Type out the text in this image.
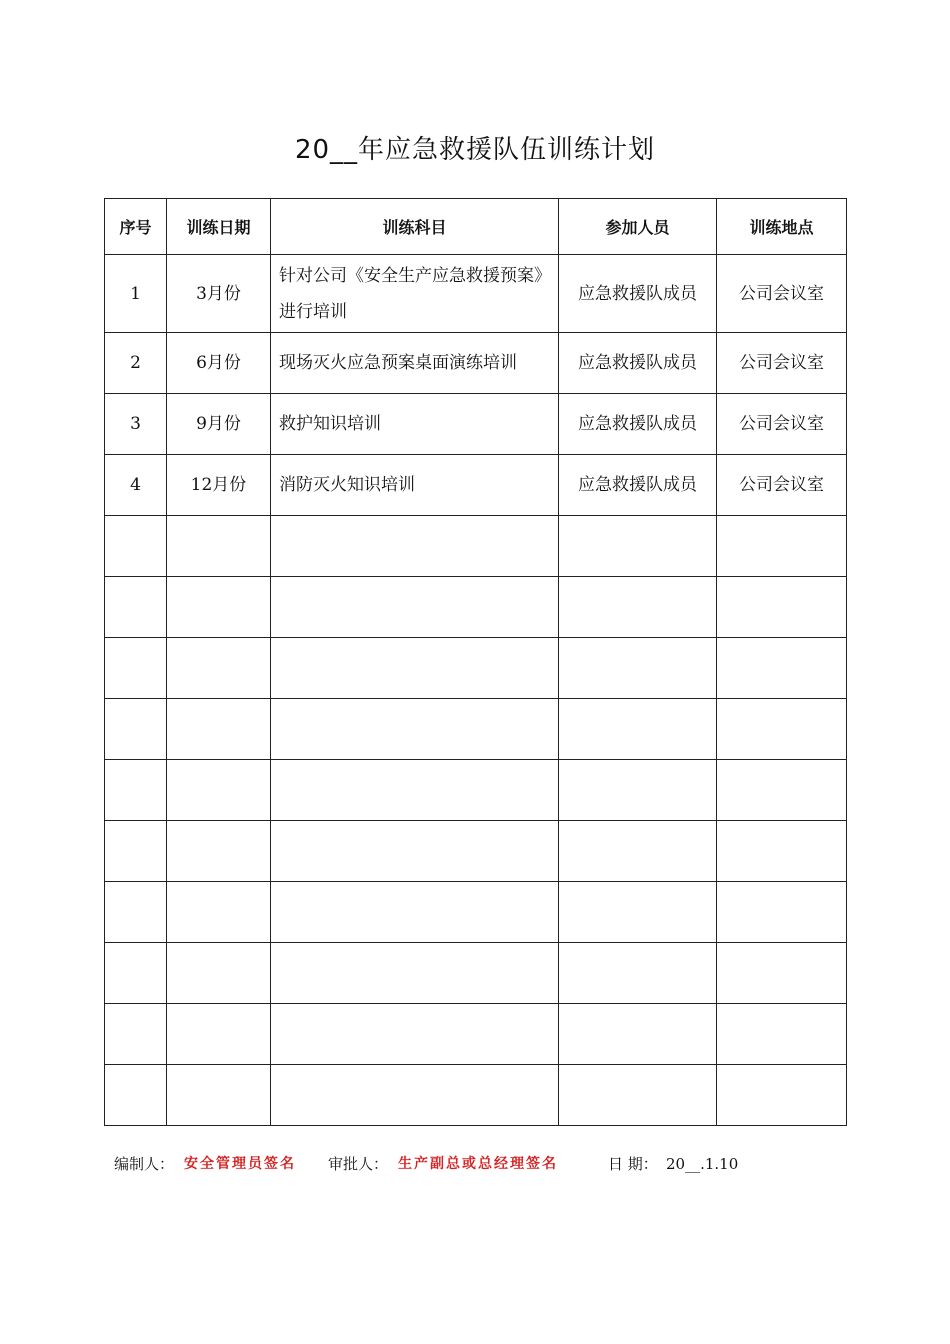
20__年应急救援队伍训练计划
序号	训练日期	训练科目	参加人员	训练地点
1	3月份	针对公司《安全生产应急救援预案》进行培训	应急救援队成员	公司会议室
2	6月份	现场灭火应急预案桌面演练培训	应急救援队成员	公司会议室
3	9月份	救护知识培训	应急救援队成员	公司会议室
4	12月份	消防灭火知识培训	应急救援队成员	公司会议室

编制人： 安全管理员签名 审批人： 生产副总或总经理签名	日 期： 20__.1.10
